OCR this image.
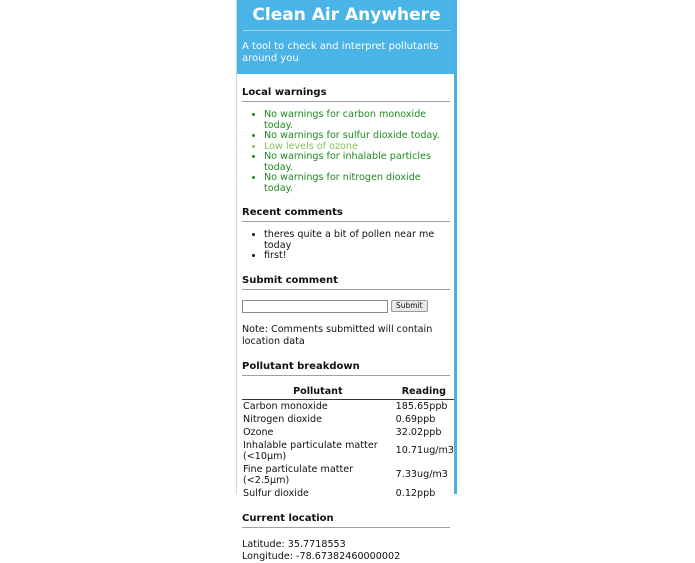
Clean Air Anywhere
A tool to check and interpret pollutants around you
Local warnings
• No warnings for carbon monoxide today.
• No warnings for sulfur dioxide today.
• Low levels of ozone
• No warnings for inhalable particles today.
• No warnings for nitrogen dioxide today.
Recent comments
• theres quite a bit of pollen near me today
• first!
Submit comment
Submit
Note: Comments submitted will contain location data
Pollutant breakdown
Pollutant	Reading
Carbon monoxide	185.65ppb
Nitrogen dioxide	0.69ppb
Ozone	32.02ppb
Inhalable particulate matter (<10µm)	10.71ug/m3
Fine particulate matter (<2.5µm)	7.33ug/m3
Sulfur dioxide	0.12ppb
Current location
Latitude: 35.7718553
Longitude: -78.67382460000002
